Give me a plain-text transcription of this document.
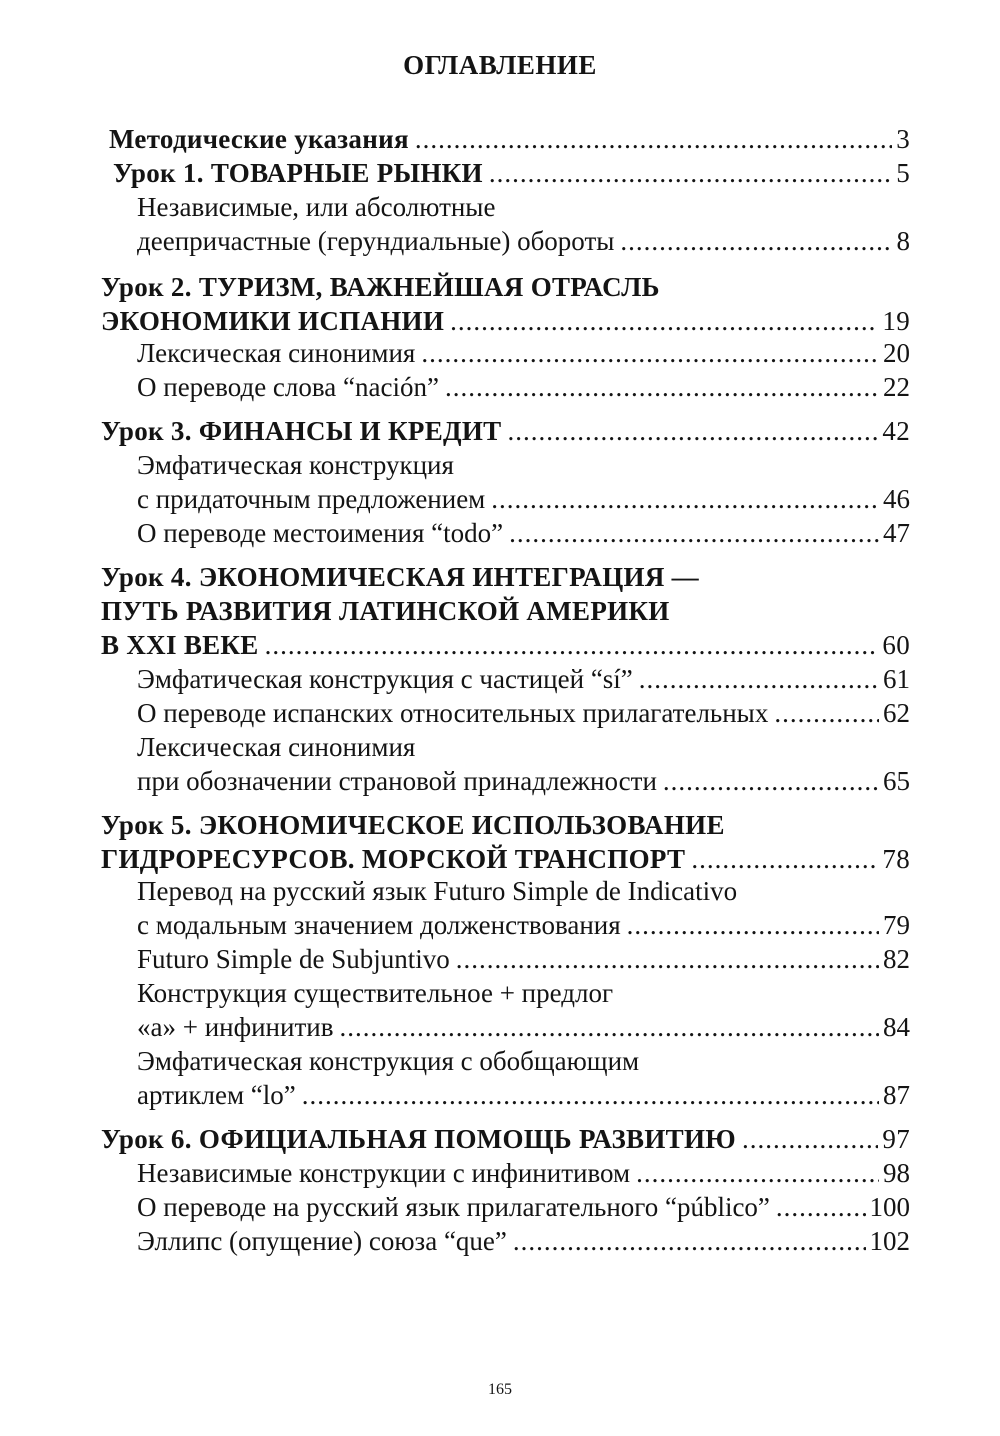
ОГЛАВЛЕНИЕ
Методические указания .....	3
Урок 1. ТОВАРНЫЕ РЫНКИ .....	5
Независимые, или абсолютные
деепричастные (герундиальные) обороты .....	8
Урок 2. ТУРИЗМ, ВАЖНЕЙШАЯ ОТРАСЛЬ
ЭКОНОМИКИ ИСПАНИИ .....	19
Лексическая синонимия .....	20
О переводе слова “nación” .....	22
Урок 3. ФИНАНСЫ И КРЕДИТ .....	42
Эмфатическая конструкция
с придаточным предложением .....	46
О переводе местоимения “todo” .....	47
Урок 4. ЭКОНОМИЧЕСКАЯ ИНТЕГРАЦИЯ —
ПУТЬ РАЗВИТИЯ ЛАТИНСКОЙ АМЕРИКИ
В XXI ВЕКЕ .....	60
Эмфатическая конструкция с частицей “sí” .....	61
О переводе испанских относительных прилагательных .....	62
Лексическая синонимия
при обозначении страновой принадлежности .....	65
Урок 5. ЭКОНОМИЧЕСКОЕ ИСПОЛЬЗОВАНИЕ
ГИДРОРЕСУРСОВ. МОРСКОЙ ТРАНСПОРТ .....	78
Перевод на русский язык Futuro Simple de Indicativo
с модальным значением долженствования .....	79
Futuro Simple de Subjuntivo .....	82
Конструкция существительное + предлог
«a» + инфинитив .....	84
Эмфатическая конструкция с обобщающим
артиклем “lo” .....	87
Урок 6. ОФИЦИАЛЬНАЯ ПОМОЩЬ РАЗВИТИЮ .....	97
Независимые конструкции с инфинитивом .....	98
О переводе на русский язык прилагательного “público” .....	100
Эллипс (опущение) союза “que” .....	102
165
